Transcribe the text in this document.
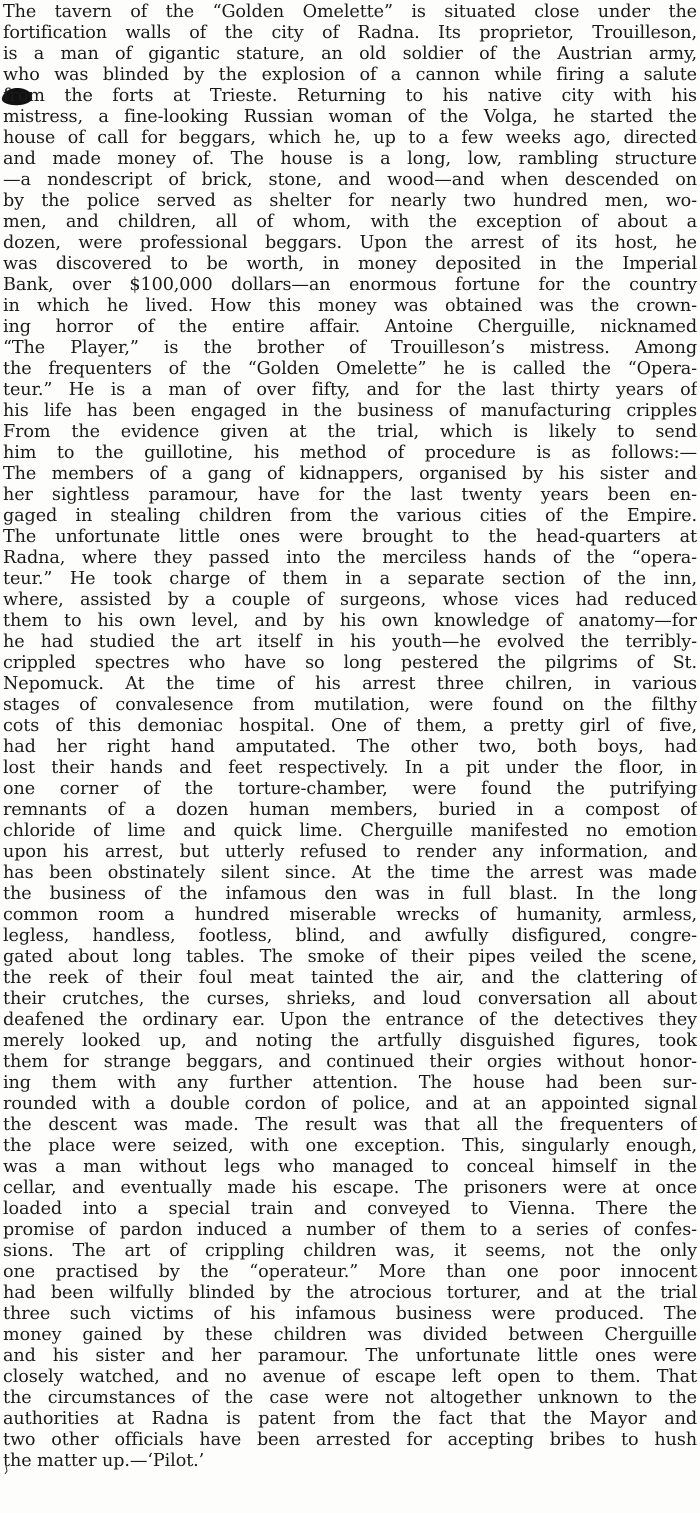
The tavern of the “Golden Omelette” is situated close under the
fortification walls of the city of Radna. Its proprietor, Trouilleson,
is a man of gigantic stature, an old soldier of the Austrian army,
who was blinded by the explosion of a cannon while firing a salute
from the forts at Trieste. Returning to his native city with his
mistress, a fine-looking Russian woman of the Volga, he started the
house of call for beggars, which he, up to a few weeks ago, directed
and made money of. The house is a long, low, rambling structure
—a nondescript of brick, stone, and wood—and when descended on
by the police served as shelter for nearly two hundred men, wo-
men, and children, all of whom, with the exception of about a
dozen, were professional beggars. Upon the arrest of its host, he
was discovered to be worth, in money deposited in the Imperial
Bank, over $100,000 dollars—an enormous fortune for the country
in which he lived. How this money was obtained was the crown-
ing horror of the entire affair. Antoine Cherguille, nicknamed
“The Player,” is the brother of Trouilleson’s mistress. Among
the frequenters of the “Golden Omelette” he is called the “Opera-
teur.” He is a man of over fifty, and for the last thirty years of
his life has been engaged in the business of manufacturing cripples
From the evidence given at the trial, which is likely to send
him to the guillotine, his method of procedure is as follows:—
The members of a gang of kidnappers, organised by his sister and
her sightless paramour, have for the last twenty years been en-
gaged in stealing children from the various cities of the Empire.
The unfortunate little ones were brought to the head-quarters at
Radna, where they passed into the merciless hands of the “opera-
teur.” He took charge of them in a separate section of the inn,
where, assisted by a couple of surgeons, whose vices had reduced
them to his own level, and by his own knowledge of anatomy—for
he had studied the art itself in his youth—he evolved the terribly-
crippled spectres who have so long pestered the pilgrims of St.
Nepomuck. At the time of his arrest three chilren, in various
stages of convalesence from mutilation, were found on the filthy
cots of this demoniac hospital. One of them, a pretty girl of five,
had her right hand amputated. The other two, both boys, had
lost their hands and feet respectively. In a pit under the floor, in
one corner of the torture-chamber, were found the putrifying
remnants of a dozen human members, buried in a compost of
chloride of lime and quick lime. Cherguille manifested no emotion
upon his arrest, but utterly refused to render any information, and
has been obstinately silent since. At the time the arrest was made
the business of the infamous den was in full blast. In the long
common room a hundred miserable wrecks of humanity, armless,
legless, handless, footless, blind, and awfully disfigured, congre-
gated about long tables. The smoke of their pipes veiled the scene,
the reek of their foul meat tainted the air, and the clattering of
their crutches, the curses, shrieks, and loud conversation all about
deafened the ordinary ear. Upon the entrance of the detectives they
merely looked up, and noting the artfully disguished figures, took
them for strange beggars, and continued their orgies without honor-
ing them with any further attention. The house had been sur-
rounded with a double cordon of police, and at an appointed signal
the descent was made. The result was that all the frequenters of
the place were seized, with one exception. This, singularly enough,
was a man without legs who managed to conceal himself in the
cellar, and eventually made his escape. The prisoners were at once
loaded into a special train and conveyed to Vienna. There the
promise of pardon induced a number of them to a series of confes-
sions. The art of crippling children was, it seems, not the only
one practised by the “operateur.” More than one poor innocent
had been wilfully blinded by the atrocious torturer, and at the trial
three such victims of his infamous business were produced. The
money gained by these children was divided between Cherguille
and his sister and her paramour. The unfortunate little ones were
closely watched, and no avenue of escape left open to them. That
the circumstances of the case were not altogether unknown to the
authorities at Radna is patent from the fact that the Mayor and
two other officials have been arrested for accepting bribes to hush
the matter up.—‘Pilot.’
